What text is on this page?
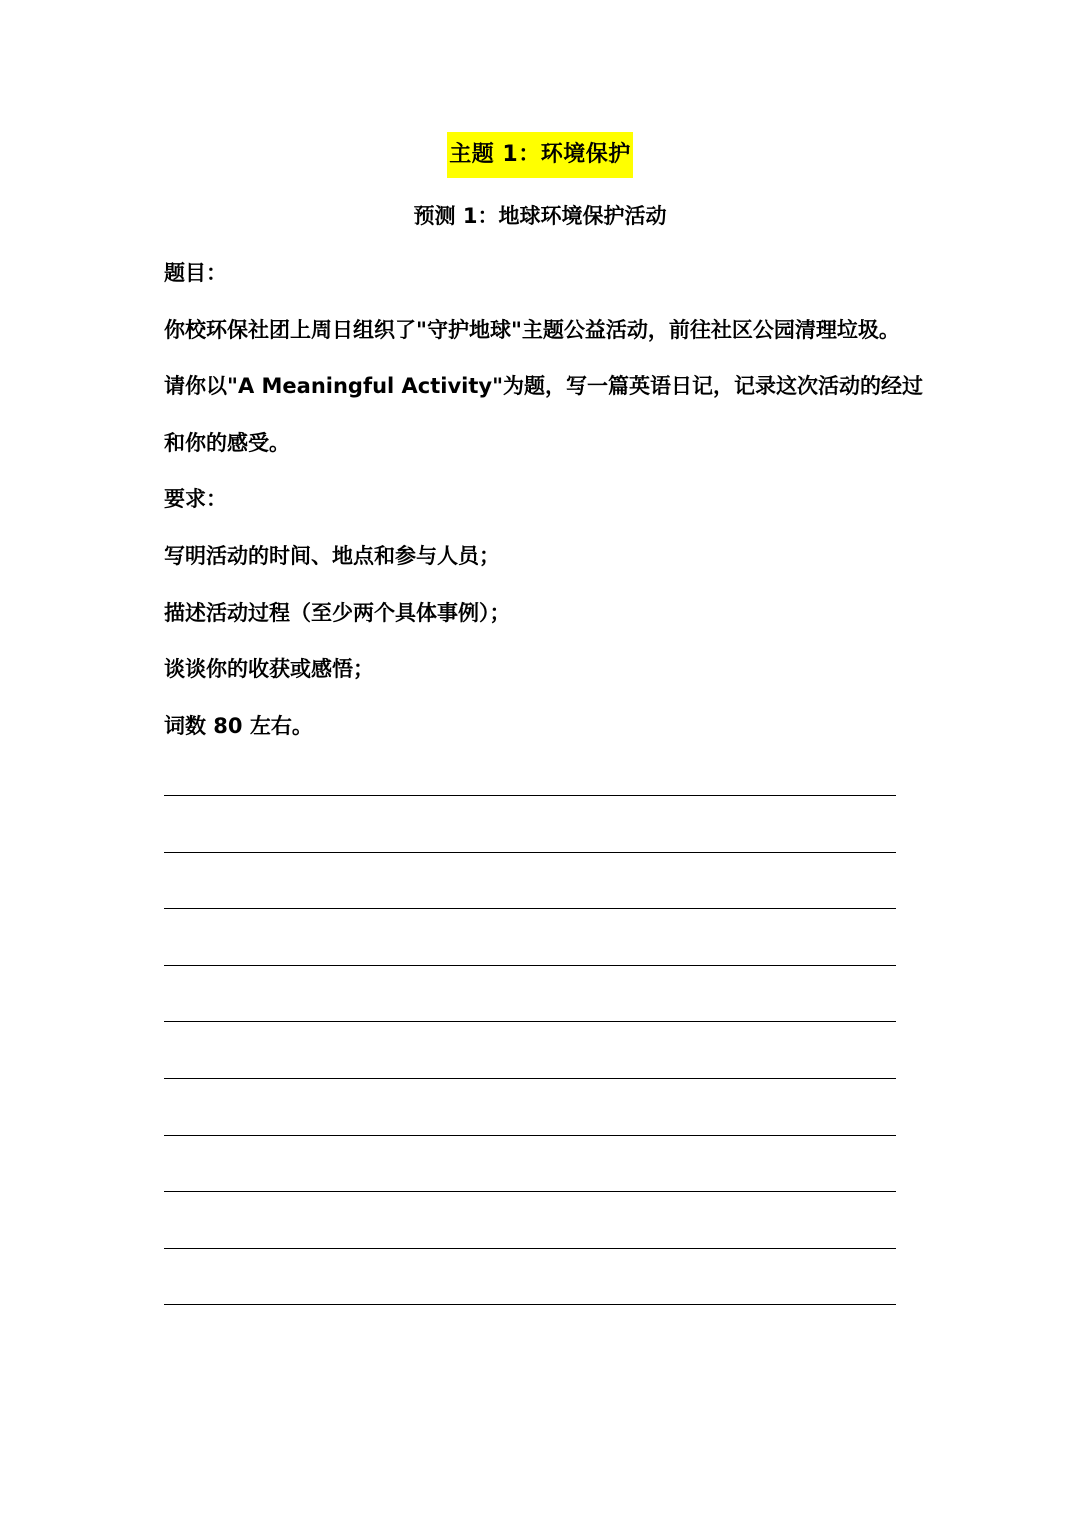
主题 1：环境保护
预测 1：地球环境保护活动
题目：
你校环保社团上周日组织了"守护地球"主题公益活动，前往社区公园清理垃圾。
请你以"A Meaningful Activity"为题，写一篇英语日记，记录这次活动的经过
和你的感受。
要求：
写明活动的时间、地点和参与人员；
描述活动过程（至少两个具体事例）；
谈谈你的收获或感悟；
词数 80 左右。
